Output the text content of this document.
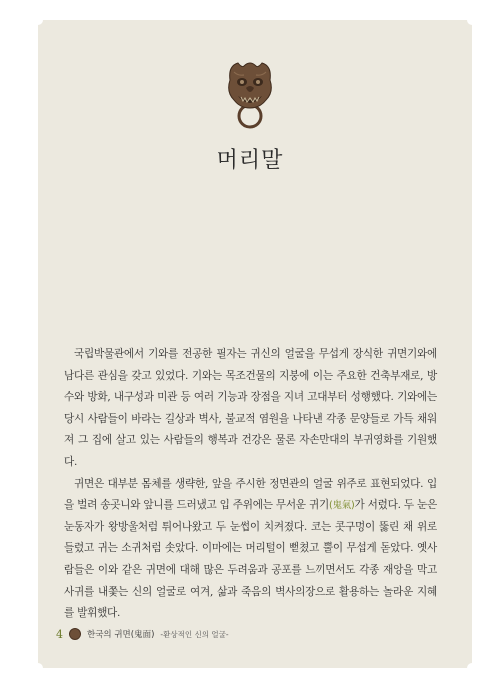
머리말

국립박물관에서 기와를 전공한 필자는 귀신의 얼굴을 무섭게 장식한 귀면기와에 남다른 관심을 갖고 있었다. 기와는 목조건물의 지붕에 이는 주요한 건축부재로, 방수와 방화, 내구성과 미관 등 여러 기능과 장점을 지녀 고대부터 성행했다. 기와에는 당시 사람들이 바라는 길상과 벽사, 불교적 염원을 나타낸 각종 문양들로 가득 채워져 그 집에 살고 있는 사람들의 행복과 건강은 물론 자손만대의 부귀영화를 기원했다.

귀면은 대부분 몸체를 생략한, 앞을 주시한 정면관의 얼굴 위주로 표현되었다. 입을 벌려 송곳니와 앞니를 드러냈고 입 주위에는 무서운 귀기(鬼氣)가 서렸다. 두 눈은 눈동자가 왕방울처럼 튀어나왔고 두 눈썹이 치켜졌다. 코는 콧구멍이 뚫린 채 위로 들렸고 귀는 소귀처럼 솟았다. 이마에는 머리털이 뻗쳤고 뿔이 무섭게 돋았다. 옛사람들은 이와 같은 귀면에 대해 많은 두려움과 공포를 느끼면서도 각종 재앙을 막고 사귀를 내쫓는 신의 얼굴로 여겨, 삶과 죽음의 벽사의장으로 활용하는 놀라운 지혜를 발휘했다.

4	한국의 귀면(鬼面) -환상적인 신의 얼굴-
